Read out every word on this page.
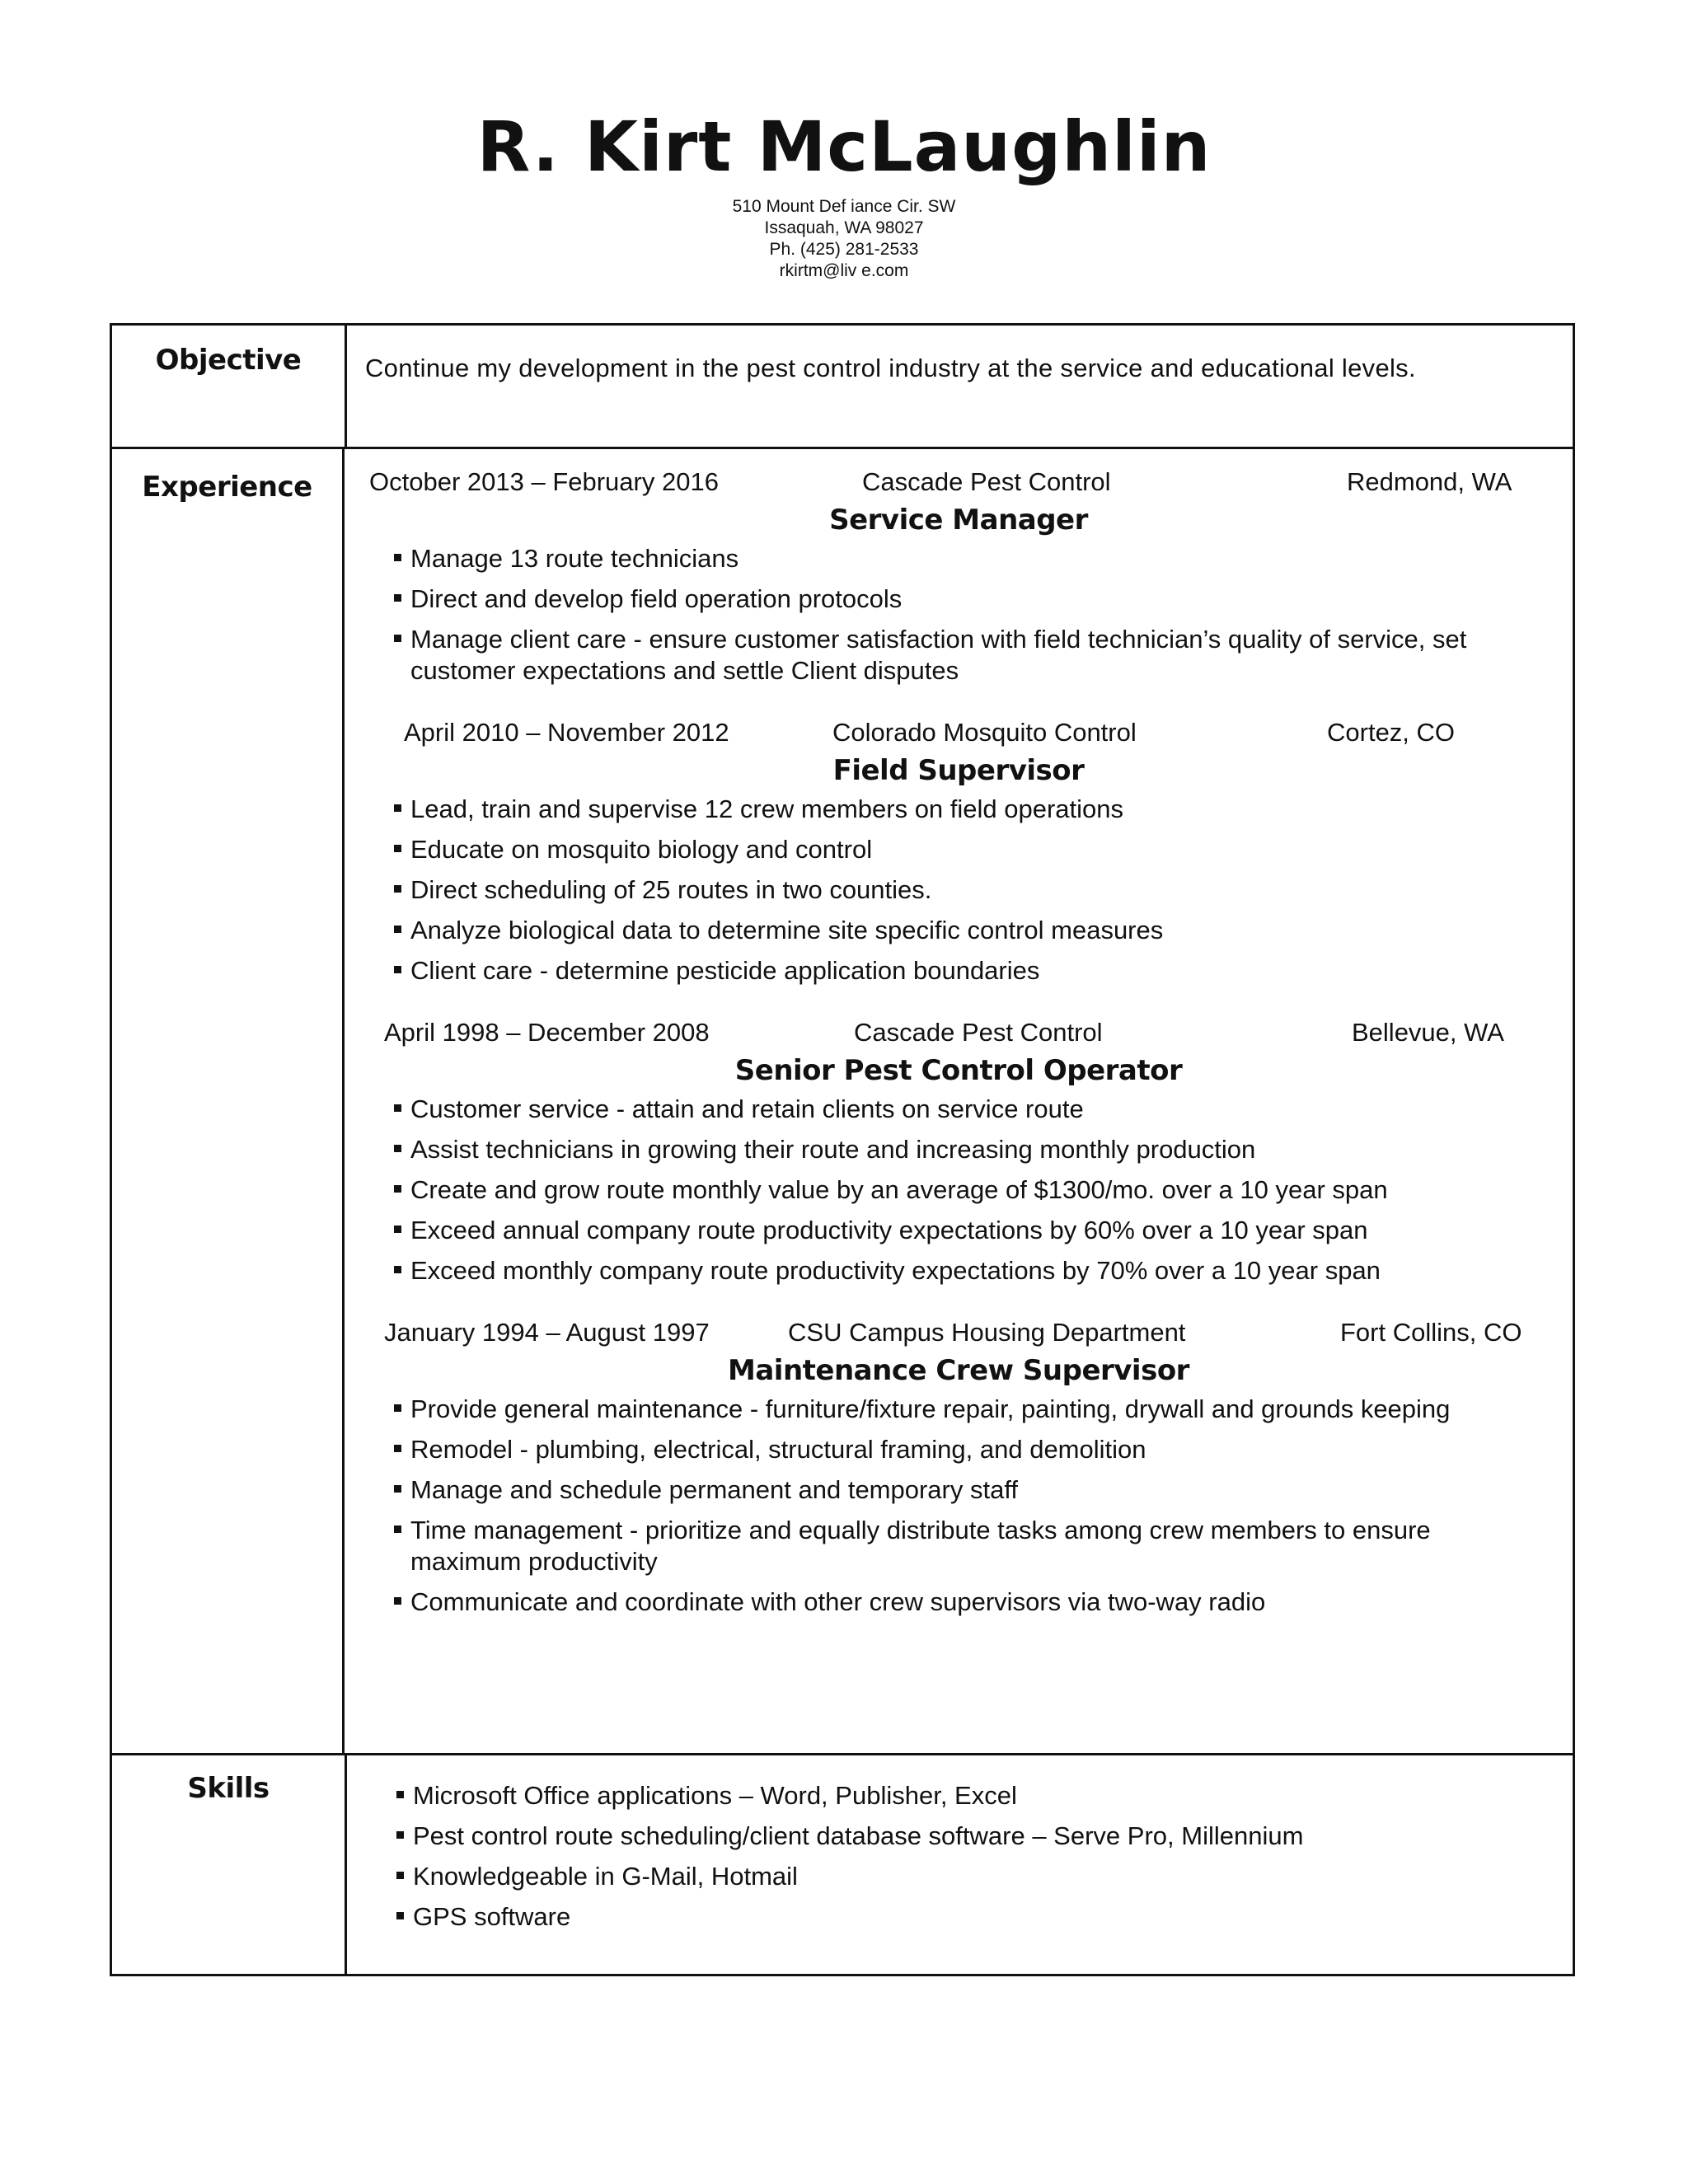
R. Kirt McLaughlin
510 Mount Def iance Cir. SW
Issaquah, WA 98027
Ph. (425) 281-2533
rkirtm@liv e.com
Objective	Continue my development in the pest control industry at the service and educational levels.
Experience	October 2013 – February 2016	Cascade Pest Control	Redmond, WA
Service Manager
Manage 13 route technicians
Direct and develop field operation protocols
Manage client care - ensure customer satisfaction with field technician’s quality of service, set customer expectations and settle Client disputes
April 2010 – November 2012	Colorado Mosquito Control	Cortez, CO
Field Supervisor
Lead, train and supervise 12 crew members on field operations
Educate on mosquito biology and control
Direct scheduling of 25 routes in two counties.
Analyze biological data to determine site specific control measures
Client care - determine pesticide application boundaries
April 1998 – December 2008	Cascade Pest Control	Bellevue, WA
Senior Pest Control Operator
Customer service - attain and retain clients on service route
Assist technicians in growing their route and increasing monthly production
Create and grow route monthly value by an average of $1300/mo. over a 10 year span
Exceed annual company route productivity expectations by 60% over a 10 year span
Exceed monthly company route productivity expectations by 70% over a 10 year span
January 1994 – August 1997	CSU Campus Housing Department	Fort Collins, CO
Maintenance Crew Supervisor
Provide general maintenance - furniture/fixture repair, painting, drywall and grounds keeping
Remodel - plumbing, electrical, structural framing, and demolition
Manage and schedule permanent and temporary staff
Time management - prioritize and equally distribute tasks among crew members to ensure maximum productivity
Communicate and coordinate with other crew supervisors via two-way radio
Skills	Microsoft Office applications – Word, Publisher, Excel
Pest control route scheduling/client database software – Serve Pro, Millennium
Knowledgeable in G-Mail, Hotmail
GPS software
